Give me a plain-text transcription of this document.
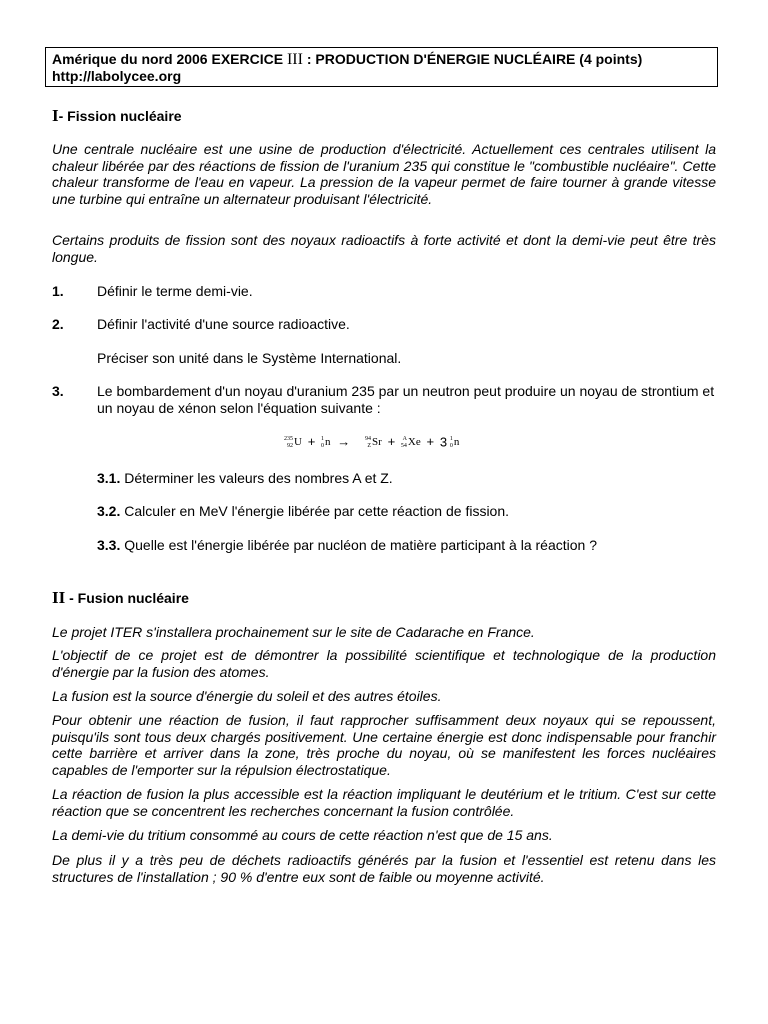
Amérique du nord 2006 EXERCICE III : PRODUCTION D'ÉNERGIE NUCLÉAIRE (4 points)
http://labolycee.org
I- Fission nucléaire
Une centrale nucléaire est une usine de production d'électricité. Actuellement ces centrales utilisent la chaleur libérée par des réactions de fission de l'uranium 235 qui constitue le "combustible nucléaire". Cette chaleur transforme de l'eau en vapeur. La pression de la vapeur permet de faire tourner à grande vitesse une turbine qui entraîne un alternateur produisant l'électricité.
Certains produits de fission sont des noyaux radioactifs à forte activité et dont la demi-vie peut être très longue.
1. Définir le terme demi-vie.
2. Définir l'activité d'une source radioactive.
Préciser son unité dans le Système International.
3. Le bombardement d'un noyau d'uranium 235 par un neutron peut produire un noyau de strontium et un noyau de xénon selon l'équation suivante :
235
92 U + 1
0 n → 94
Z Sr + A
54 Xe + 3 1
0 n
3.1. Déterminer les valeurs des nombres A et Z.
3.2. Calculer en MeV l'énergie libérée par cette réaction de fission.
3.3. Quelle est l'énergie libérée par nucléon de matière participant à la réaction ?
II - Fusion nucléaire
Le projet ITER s'installera prochainement sur le site de Cadarache en France.
L'objectif de ce projet est de démontrer la possibilité scientifique et technologique de la production d'énergie par la fusion des atomes.
La fusion est la source d'énergie du soleil et des autres étoiles.
Pour obtenir une réaction de fusion, il faut rapprocher suffisamment deux noyaux qui se repoussent, puisqu'ils sont tous deux chargés positivement. Une certaine énergie est donc indispensable pour franchir cette barrière et arriver dans la zone, très proche du noyau, où se manifestent les forces nucléaires capables de l'emporter sur la répulsion électrostatique.
La réaction de fusion la plus accessible est la réaction impliquant le deutérium et le tritium. C'est sur cette réaction que se concentrent les recherches concernant la fusion contrôlée.
La demi-vie du tritium consommé au cours de cette réaction n'est que de 15 ans.
De plus il y a très peu de déchets radioactifs générés par la fusion et l'essentiel est retenu dans les structures de l'installation ; 90 % d'entre eux sont de faible ou moyenne activité.
